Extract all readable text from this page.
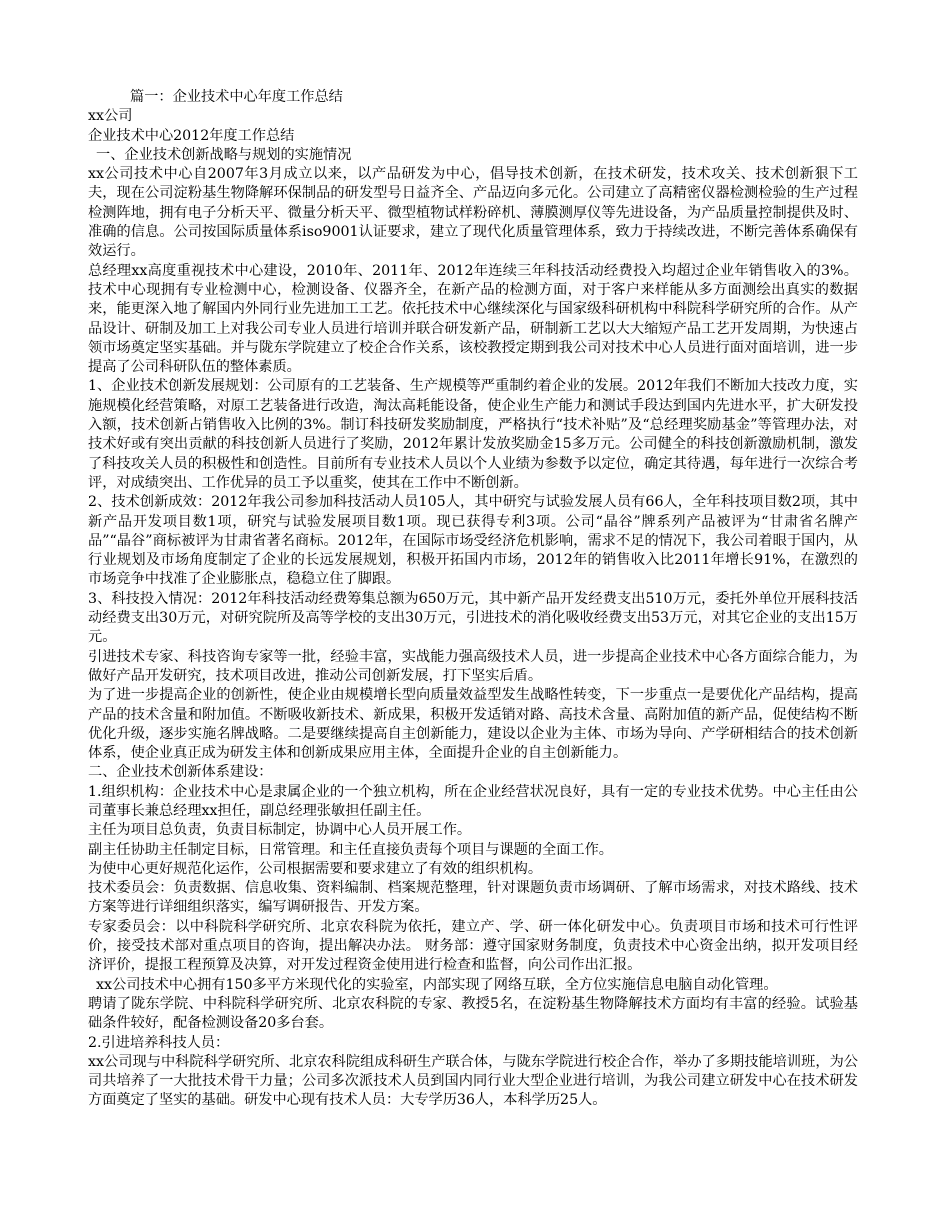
篇一：企业技术中心年度工作总结

xx公司

企业技术中心2012年度工作总结

一、企业技术创新战略与规划的实施情况

xx公司技术中心自2007年3月成立以来，以产品研发为中心，倡导技术创新，在技术研发，技术攻关、技术创新狠下工夫，现在公司淀粉基生物降解环保制品的研发型号日益齐全、产品迈向多元化。公司建立了高精密仪器检测检验的生产过程检测阵地，拥有电子分析天平、微量分析天平、微型植物试样粉碎机、薄膜测厚仪等先进设备，为产品质量控制提供及时、准确的信息。公司按国际质量体系iso9001认证要求，建立了现代化质量管理体系，致力于持续改进，不断完善体系确保有效运行。

总经理xx高度重视技术中心建设，2010年、2011年、2012年连续三年科技活动经费投入均超过企业年销售收入的3%。技术中心现拥有专业检测中心，检测设备、仪器齐全，在新产品的检测方面，对于客户来样能从多方面测绘出真实的数据来，能更深入地了解国内外同行业先进加工工艺。依托技术中心继续深化与国家级科研机构中科院科学研究所的合作。从产品设计、研制及加工上对我公司专业人员进行培训并联合研发新产品，研制新工艺以大大缩短产品工艺开发周期，为快速占领市场奠定坚实基础。并与陇东学院建立了校企合作关系，该校教授定期到我公司对技术中心人员进行面对面培训，进一步提高了公司科研队伍的整体素质。

1、企业技术创新发展规划：公司原有的工艺装备、生产规模等严重制约着企业的发展。2012年我们不断加大技改力度，实施规模化经营策略，对原工艺装备进行改造，淘汰高耗能设备，使企业生产能力和测试手段达到国内先进水平，扩大研发投入额，技术创新占销售收入比例的3%。制订科技研发奖励制度，严格执行“技术补贴”及“总经理奖励基金”等管理办法，对技术好或有突出贡献的科技创新人员进行了奖励，2012年累计发放奖励金15多万元。公司健全的科技创新激励机制，激发了科技攻关人员的积极性和创造性。目前所有专业技术人员以个人业绩为参数予以定位，确定其待遇，每年进行一次综合考评，对成绩突出、工作优异的员工予以重奖，使其在工作中不断创新。

2、技术创新成效：2012年我公司参加科技活动人员105人，其中研究与试验发展人员有66人，全年科技项目数2项，其中新产品开发项目数1项，研究与试验发展项目数1项。现已获得专利3项。公司“晶谷”牌系列产品被评为“甘肃省名牌产品”“晶谷”商标被评为甘肃省著名商标。2012年，在国际市场受经济危机影响，需求不足的情况下，我公司着眼于国内，从行业规划及市场角度制定了企业的长远发展规划，积极开拓国内市场，2012年的销售收入比2011年增长91%，在激烈的市场竞争中找准了企业膨胀点，稳稳立住了脚跟。

3、科技投入情况：2012年科技活动经费筹集总额为650万元，其中新产品开发经费支出510万元，委托外单位开展科技活动经费支出30万元，对研究院所及高等学校的支出30万元，引进技术的消化吸收经费支出53万元，对其它企业的支出15万元。

引进技术专家、科技咨询专家等一批，经验丰富，实战能力强高级技术人员，进一步提高企业技术中心各方面综合能力，为做好产品开发研究，技术项目改进，推动公司创新发展，打下坚实后盾。

为了进一步提高企业的创新性，使企业由规模增长型向质量效益型发生战略性转变，下一步重点一是要优化产品结构，提高产品的技术含量和附加值。不断吸收新技术、新成果，积极开发适销对路、高技术含量、高附加值的新产品，促使结构不断优化升级，逐步实施名牌战略。二是要继续提高自主创新能力，建设以企业为主体、市场为导向、产学研相结合的技术创新体系，使企业真正成为研发主体和创新成果应用主体，全面提升企业的自主创新能力。

二、企业技术创新体系建设：

1.组织机构：企业技术中心是隶属企业的一个独立机构，所在企业经营状况良好，具有一定的专业技术优势。中心主任由公司董事长兼总经理xx担任，副总经理张敏担任副主任。

主任为项目总负责，负责目标制定，协调中心人员开展工作。

副主任协助主任制定目标，日常管理。和主任直接负责每个项目与课题的全面工作。

为使中心更好规范化运作，公司根据需要和要求建立了有效的组织机构。

技术委员会：负责数据、信息收集、资料编制、档案规范整理，针对课题负责市场调研、了解市场需求，对技术路线、技术方案等进行详细组织落实，编写调研报告、开发方案。

专家委员会：以中科院科学研究所、北京农科院为依托，建立产、学、研一体化研发中心。负责项目市场和技术可行性评价，接受技术部对重点项目的咨询，提出解决办法。 财务部：遵守国家财务制度，负责技术中心资金出纳，拟开发项目经济评价，提报工程预算及决算，对开发过程资金使用进行检查和监督，向公司作出汇报。

xx公司技术中心拥有150多平方米现代化的实验室，内部实现了网络互联，全方位实施信息电脑自动化管理。

聘请了陇东学院、中科院科学研究所、北京农科院的专家、教授5名，在淀粉基生物降解技术方面均有丰富的经验。试验基础条件较好，配备检测设备20多台套。

2.引进培养科技人员：

xx公司现与中科院科学研究所、北京农科院组成科研生产联合体，与陇东学院进行校企合作，举办了多期技能培训班，为公司共培养了一大批技术骨干力量；公司多次派技术人员到国内同行业大型企业进行培训，为我公司建立研发中心在技术研发方面奠定了坚实的基础。研发中心现有技术人员：大专学历36人，本科学历25人。
